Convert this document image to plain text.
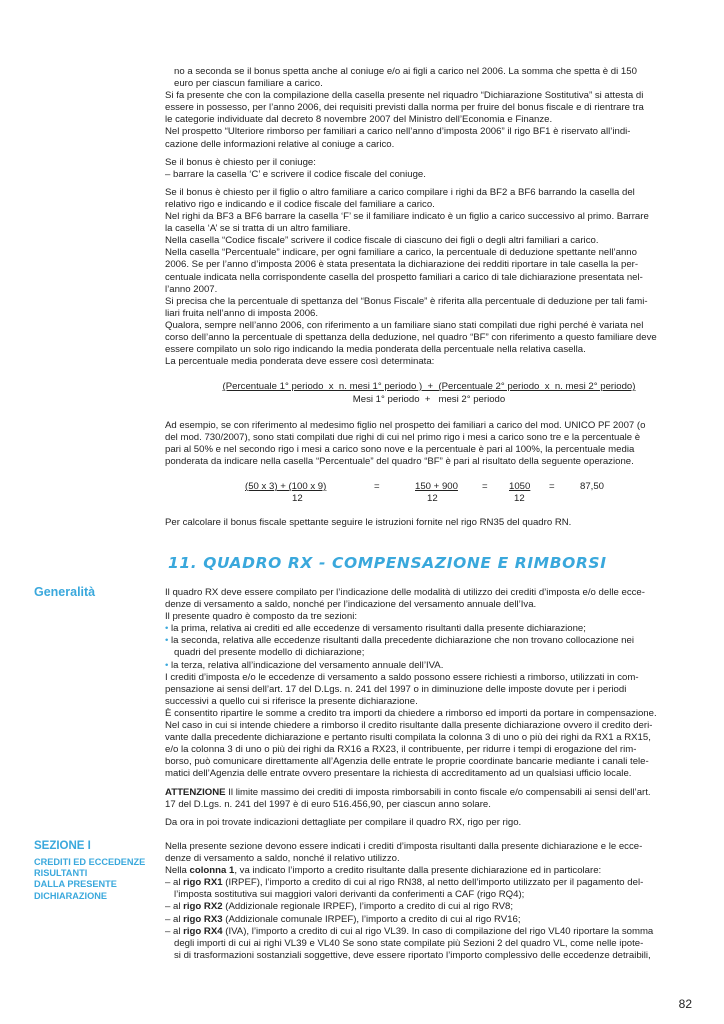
no a seconda se il bonus spetta anche al coniuge e/o ai figli a carico nel 2006. La somma che spetta è di 150
euro per ciascun familiare a carico.
Si fa presente che con la compilazione della casella presente nel riquadro “Dichiarazione Sostitutiva” si attesta di
essere in possesso, per l’anno 2006, dei requisiti previsti dalla norma per fruire del bonus fiscale e di rientrare tra
le categorie individuate dal decreto 8 novembre 2007 del Ministro dell’Economia e Finanze.
Nel prospetto “Ulteriore rimborso per familiari a carico nell’anno d’imposta 2006” il rigo BF1 è riservato all’indi-
cazione delle informazioni relative al coniuge a carico.
Se il bonus è chiesto per il coniuge:
– barrare la casella ‘C’ e scrivere il codice fiscale del coniuge.
Se il bonus è chiesto per il figlio o altro familiare a carico compilare i righi da BF2 a BF6 barrando la casella del
relativo rigo e indicando e il codice fiscale del familiare a carico.
Nel righi da BF3 a BF6 barrare la casella ‘F’ se il familiare indicato è un figlio a carico successivo al primo. Barrare
la casella ‘A’ se si tratta di un altro familiare.
Nella casella “Codice fiscale” scrivere il codice fiscale di ciascuno dei figli o degli altri familiari a carico.
Nella casella “Percentuale” indicare, per ogni familiare a carico, la percentuale di deduzione spettante nell’anno
2006. Se per l’anno d’imposta 2006 è stata presentata la dichiarazione dei redditi riportare in tale casella la per-
centuale indicata nella corrispondente casella del prospetto familiari a carico di tale dichiarazione presentata nel-
l’anno 2007.
Si precisa che la percentuale di spettanza del “Bonus Fiscale” è riferita alla percentuale di deduzione per tali fami-
liari fruita nell’anno di imposta 2006.
Qualora, sempre nell’anno 2006, con riferimento a un familiare siano stati compilati due righi perché è variata nel
corso dell’anno la percentuale di spettanza della deduzione, nel quadro “BF” con riferimento a questo familiare deve
essere compilato un solo rigo indicando la media ponderata della percentuale nella relativa casella.
La percentuale media ponderata deve essere così determinata:
(Percentuale 1° periodo  x  n. mesi 1° periodo )  +  (Percentuale 2° periodo  x  n. mesi 2° periodo)
Mesi 1° periodo  +   mesi 2° periodo
Ad esempio, se con riferimento al medesimo figlio nel prospetto dei familiari a carico del mod. UNICO PF 2007 (o
del mod. 730/2007), sono stati compilati due righi di cui nel primo rigo i mesi a carico sono tre e la percentuale è
pari al 50% e nel secondo rigo i mesi a carico sono nove e la percentuale è pari al 100%, la percentuale media
ponderata da indicare nella casella “Percentuale” del quadro “BF” è pari al risultato della seguente operazione.
(50 x 3) + (100 x 9)
12
=	150 + 900
12
= 1050
12
=	87,50
Per calcolare il bonus fiscale spettante seguire le istruzioni fornite nel rigo RN35 del quadro RN.
11. QUADRO RX - COMPENSAZIONE E RIMBORSI
Generalità
SEZIONE I
CREDITI ED ECCEDENZE
RISULTANTI
DALLA PRESENTE
DICHIARAZIONE
Il quadro RX deve essere compilato per l’indicazione delle modalità di utilizzo dei crediti d’imposta e/o delle ecce-
denze di versamento a saldo, nonché per l’indicazione del versamento annuale dell’Iva.
Il presente quadro è composto da tre sezioni:
• la prima, relativa ai crediti ed alle eccedenze di versamento risultanti dalla presente dichiarazione;
• la seconda, relativa alle eccedenze risultanti dalla precedente dichiarazione che non trovano collocazione nei
quadri del presente modello di dichiarazione;
• la terza, relativa all’indicazione del versamento annuale dell’IVA.
I crediti d’imposta e/o le eccedenze di versamento a saldo possono essere richiesti a rimborso, utilizzati in com-
pensazione ai sensi dell’art. 17 del D.Lgs. n. 241 del 1997 o in diminuzione delle imposte dovute per i periodi
successivi a quello cui si riferisce la presente dichiarazione.
È consentito ripartire le somme a credito tra importi da chiedere a rimborso ed importi da portare in compensazione.
Nel caso in cui si intende chiedere a rimborso il credito risultante dalla presente dichiarazione ovvero il credito deri-
vante dalla precedente dichiarazione e pertanto risulti compilata la colonna 3 di uno o più dei righi da RX1 a RX15,
e/o la colonna 3 di uno o più dei righi da RX16 a RX23, il contribuente, per ridurre i tempi di erogazione del rim-
borso, può comunicare direttamente all’Agenzia delle entrate le proprie coordinate bancarie mediante i canali tele-
matici dell’Agenzia delle entrate ovvero presentare la richiesta di accreditamento ad un qualsiasi ufficio locale.
ATTENZIONE Il limite massimo dei crediti di imposta rimborsabili in conto fiscale e/o compensabili ai sensi dell’art.
17 del D.Lgs. n. 241 del 1997 è di euro 516.456,90, per ciascun anno solare.
Da ora in poi trovate indicazioni dettagliate per compilare il quadro RX, rigo per rigo.
Nella presente sezione devono essere indicati i crediti d’imposta risultanti dalla presente dichiarazione e le ecce-
denze di versamento a saldo, nonché il relativo utilizzo.
Nella colonna 1, va indicato l’importo a credito risultante dalla presente dichiarazione ed in particolare:
– al rigo RX1 (IRPEF), l’importo a credito di cui al rigo RN38, al netto dell’importo utilizzato per il pagamento del-
l’imposta sostitutiva sui maggiori valori derivanti da conferimenti a CAF (rigo RQ4);
– al rigo RX2 (Addizionale regionale IRPEF), l’importo a credito di cui al rigo RV8;
– al rigo RX3 (Addizionale comunale IRPEF), l’importo a credito di cui al rigo RV16;
– al rigo RX4 (IVA), l’importo a credito di cui al rigo VL39. In caso di compilazione del rigo VL40 riportare la somma
degli importi di cui ai righi VL39 e VL40 Se sono state compilate più Sezioni 2 del quadro VL, come nelle ipote-
si di trasformazioni sostanziali soggettive, deve essere riportato l’importo complessivo delle eccedenze detraibili,
82
